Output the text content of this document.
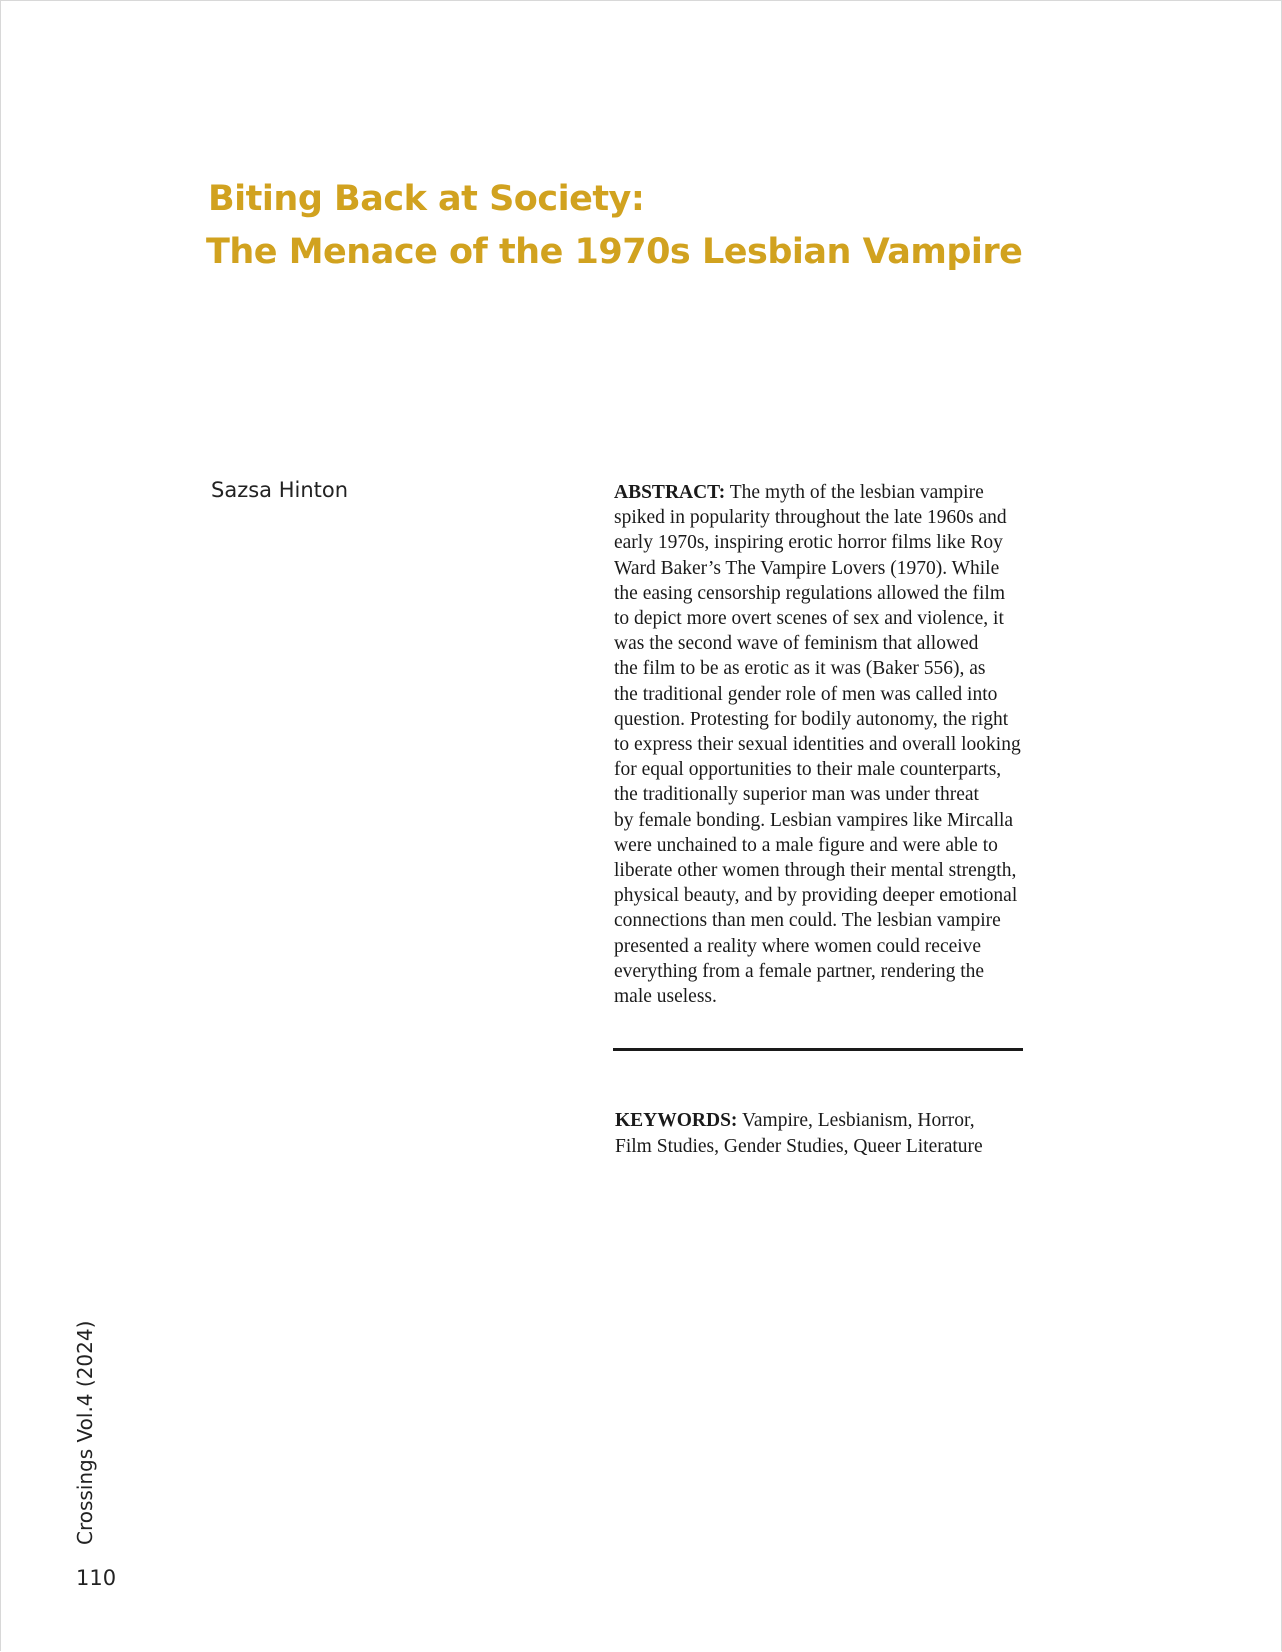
Biting Back at Society:
The Menace of the 1970s Lesbian Vampire
Sazsa Hinton	ABSTRACT: The myth of the lesbian vampire
spiked in popularity throughout the late 1960s and
early 1970s, inspiring erotic horror films like Roy
Ward Baker’s The Vampire Lovers (1970). While
the easing censorship regulations allowed the film
to depict more overt scenes of sex and violence, it
was the second wave of feminism that allowed
the film to be as erotic as it was (Baker 556), as
the traditional gender role of men was called into
question. Protesting for bodily autonomy, the right
to express their sexual identities and overall looking
for equal opportunities to their male counterparts,
the traditionally superior man was under threat
by female bonding. Lesbian vampires like Mircalla
were unchained to a male figure and were able to
liberate other women through their mental strength,
physical beauty, and by providing deeper emotional
connections than men could. The lesbian vampire
presented a reality where women could receive
everything from a female partner, rendering the
male useless.
KEYWORDS: Vampire, Lesbianism, Horror,
Film Studies, Gender Studies, Queer Literature
Crossings Vol.4 (2024)
110
